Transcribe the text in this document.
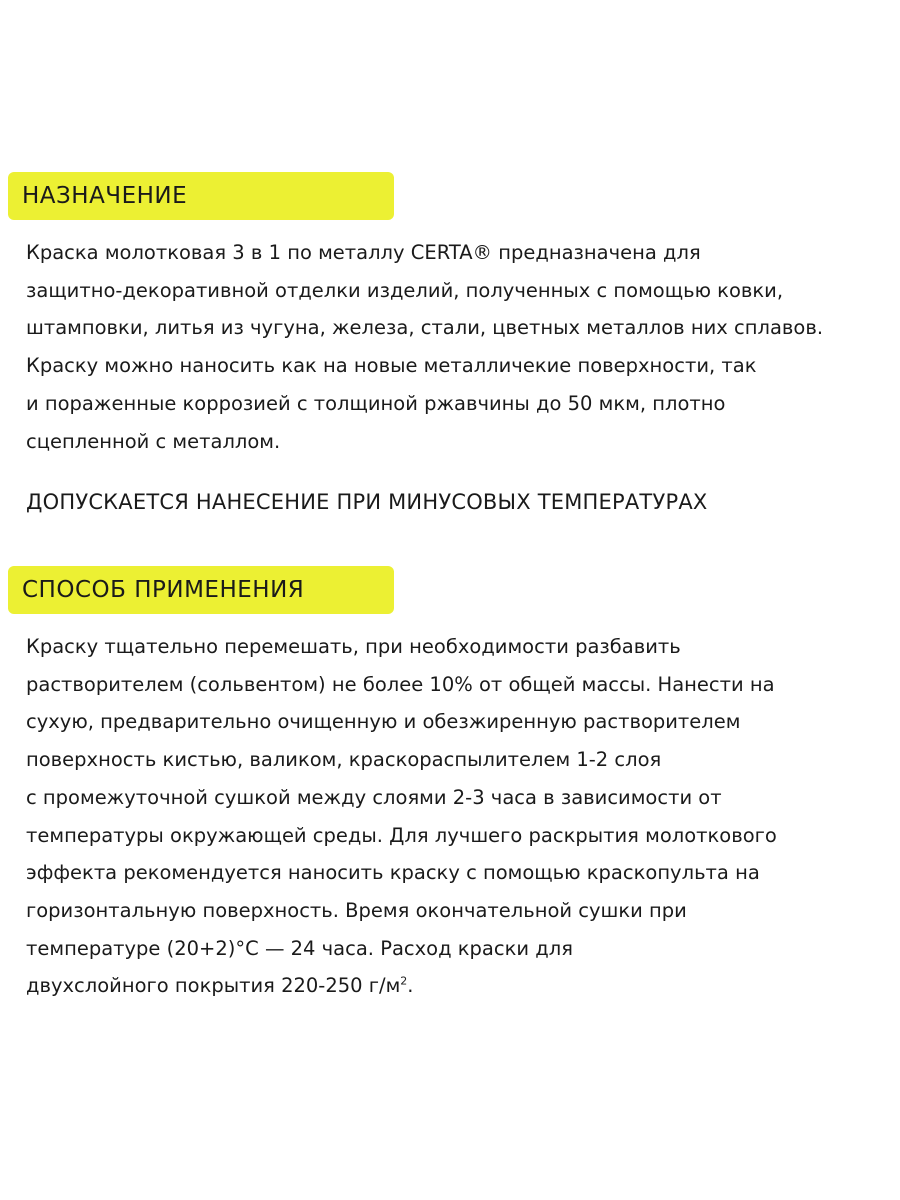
НАЗНАЧЕНИЕ

Краска молотковая 3 в 1 по металлу CERTA® предназначена для
защитно-декоративной отделки изделий, полученных с помощью ковки,
штамповки, литья из чугуна, железа, стали, цветных металлов них сплавов.
Краску можно наносить как на новые металличекие поверхности, так
и пораженные коррозией с толщиной ржавчины до 50 мкм, плотно
сцепленной с металлом.

ДОПУСКАЕТСЯ НАНЕСЕНИЕ ПРИ МИНУСОВЫХ ТЕМПЕРАТУРАХ

СПОСОБ ПРИМЕНЕНИЯ

Краску тщательно перемешать, при необходимости разбавить
растворителем (сольвентом) не более 10% от общей массы. Нанести на
сухую, предварительно очищенную и обезжиренную растворителем
поверхность кистью, валиком, краскораспылителем 1-2 слоя
с промежуточной сушкой между слоями 2-3 часа в зависимости от
температуры окружающей среды. Для лучшего раскрытия молоткового
эффекта рекомендуется наносить краску с помощью краскопульта на
горизонтальную поверхность. Время окончательной сушки при
температуре (20+2)°C — 24 часа. Расход краски для
двухслойного покрытия 220-250 $г/м^2$.
